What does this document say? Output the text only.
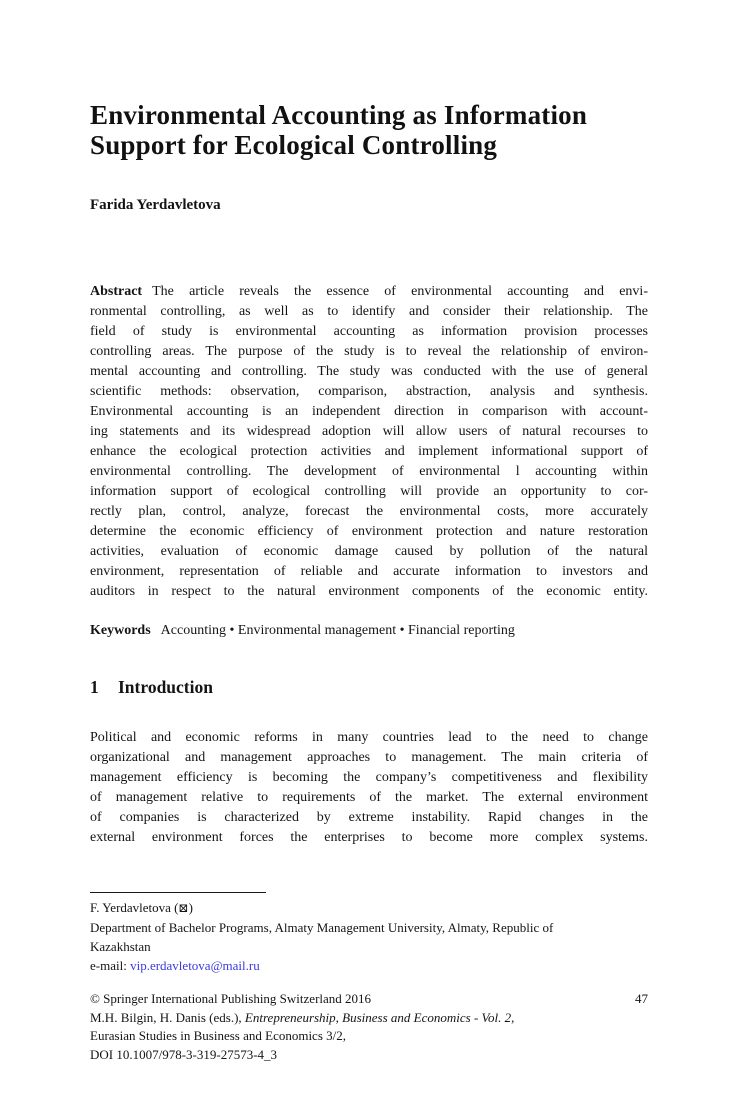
Environmental Accounting as Information
Support for Ecological Controlling
Farida Yerdavletova
Abstract The article reveals the essence of environmental accounting and envi-
ronmental controlling, as well as to identify and consider their relationship. The
field of study is environmental accounting as information provision processes
controlling areas. The purpose of the study is to reveal the relationship of environ-
mental accounting and controlling. The study was conducted with the use of general
scientific methods: observation, comparison, abstraction, analysis and synthesis.
Environmental accounting is an independent direction in comparison with account-
ing statements and its widespread adoption will allow users of natural recourses to
enhance the ecological protection activities and implement informational support of
environmental controlling. The development of environmental l accounting within
information support of ecological controlling will provide an opportunity to cor-
rectly plan, control, analyze, forecast the environmental costs, more accurately
determine the economic efficiency of environment protection and nature restoration
activities, evaluation of economic damage caused by pollution of the natural
environment, representation of reliable and accurate information to investors and
auditors in respect to the natural environment components of the economic entity.
Keywords Accounting • Environmental management • Financial reporting
1 Introduction
Political and economic reforms in many countries lead to the need to change
organizational and management approaches to management. The main criteria of
management efficiency is becoming the company’s competitiveness and flexibility
of management relative to requirements of the market. The external environment
of companies is characterized by extreme instability. Rapid changes in the
external environment forces the enterprises to become more complex systems.
F. Yerdavletova (⊠)
Department of Bachelor Programs, Almaty Management University, Almaty, Republic of
Kazakhstan
e-mail: vip.erdavletova@mail.ru
© Springer International Publishing Switzerland 2016	47
M.H. Bilgin, H. Danis (eds.), Entrepreneurship, Business and Economics - Vol. 2,
Eurasian Studies in Business and Economics 3/2,
DOI 10.1007/978-3-319-27573-4_3
